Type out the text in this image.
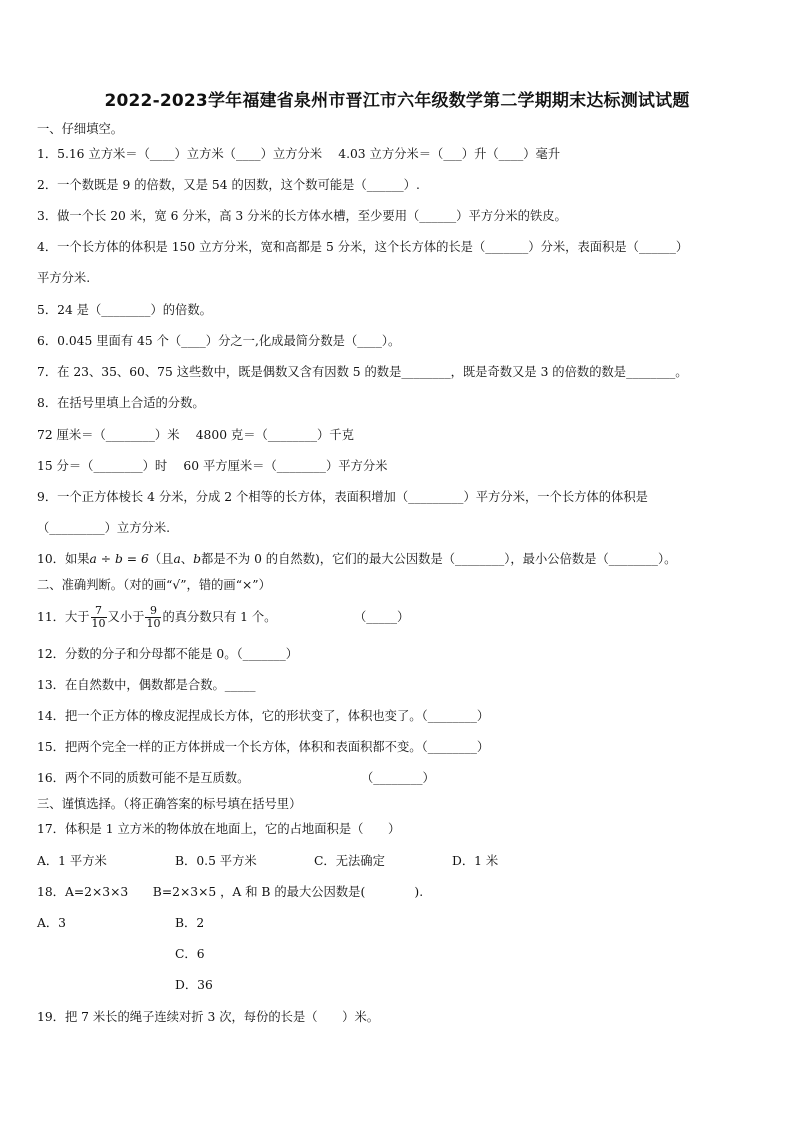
2022-2023学年福建省泉州市晋江市六年级数学第二学期期末达标测试试题
一、仔细填空。
1．5.16 立方米＝（____）立方米（____）立方分米　 4.03 立方分米＝（___）升（____）毫升
2．一个数既是 9 的倍数，又是 54 的因数，这个数可能是（______）.
3．做一个长 20 米，宽 6 分米，高 3 分米的长方体水槽，至少要用（______）平方分米的铁皮。
4．一个长方体的体积是 150 立方分米，宽和高都是 5 分米，这个长方体的长是（_______）分米，表面积是（______）
平方分米.
5．24 是（________）的倍数。
6．0.045 里面有 45 个（____）分之一,化成最简分数是（____）。
7．在 23、35、60、75 这些数中，既是偶数又含有因数 5 的数是________，既是奇数又是 3 的倍数的数是________。
8．在括号里填上合适的分数。
72 厘米＝（________）米　 4800 克＝（________）千克
15 分＝（________）时　 60 平方厘米＝（________）平方分米
9．一个正方体棱长 4 分米，分成 2 个相等的长方体，表面积增加（_________）平方分米，一个长方体的体积是
（_________）立方分米.
10．如果a ÷ b = 6（且a、b都是不为 0 的自然数)，它们的最大公因数是（________），最小公倍数是（________）。
二、准确判断。（对的画“√”，错的画“×”）
11．大于 $\frac{7}{10}$ 又小于 $\frac{9}{10}$ 的真分数只有 1 个。	（_____）
12．分数的分子和分母都不能是 0。（_______）
13．在自然数中，偶数都是合数。_____
14．把一个正方体的橡皮泥捏成长方体，它的形状变了，体积也变了。（________）
15．把两个完全一样的正方体拼成一个长方体，体积和表面积都不变。（________）
16．两个不同的质数可能不是互质数。	（________）
三、谨慎选择。（将正确答案的标号填在括号里）
17．体积是 1 立方米的物体放在地面上，它的占地面积是（　　）
A．1 平方米	B．0.5 平方米	C．无法确定	D．1 米
18．A=2×3×3　　B=2×3×5 ，A 和 B 的最大公因数是(　　　　).
A．3	B．2
C．6
D．36
19．把 7 米长的绳子连续对折 3 次，每份的长是（　　）米。
